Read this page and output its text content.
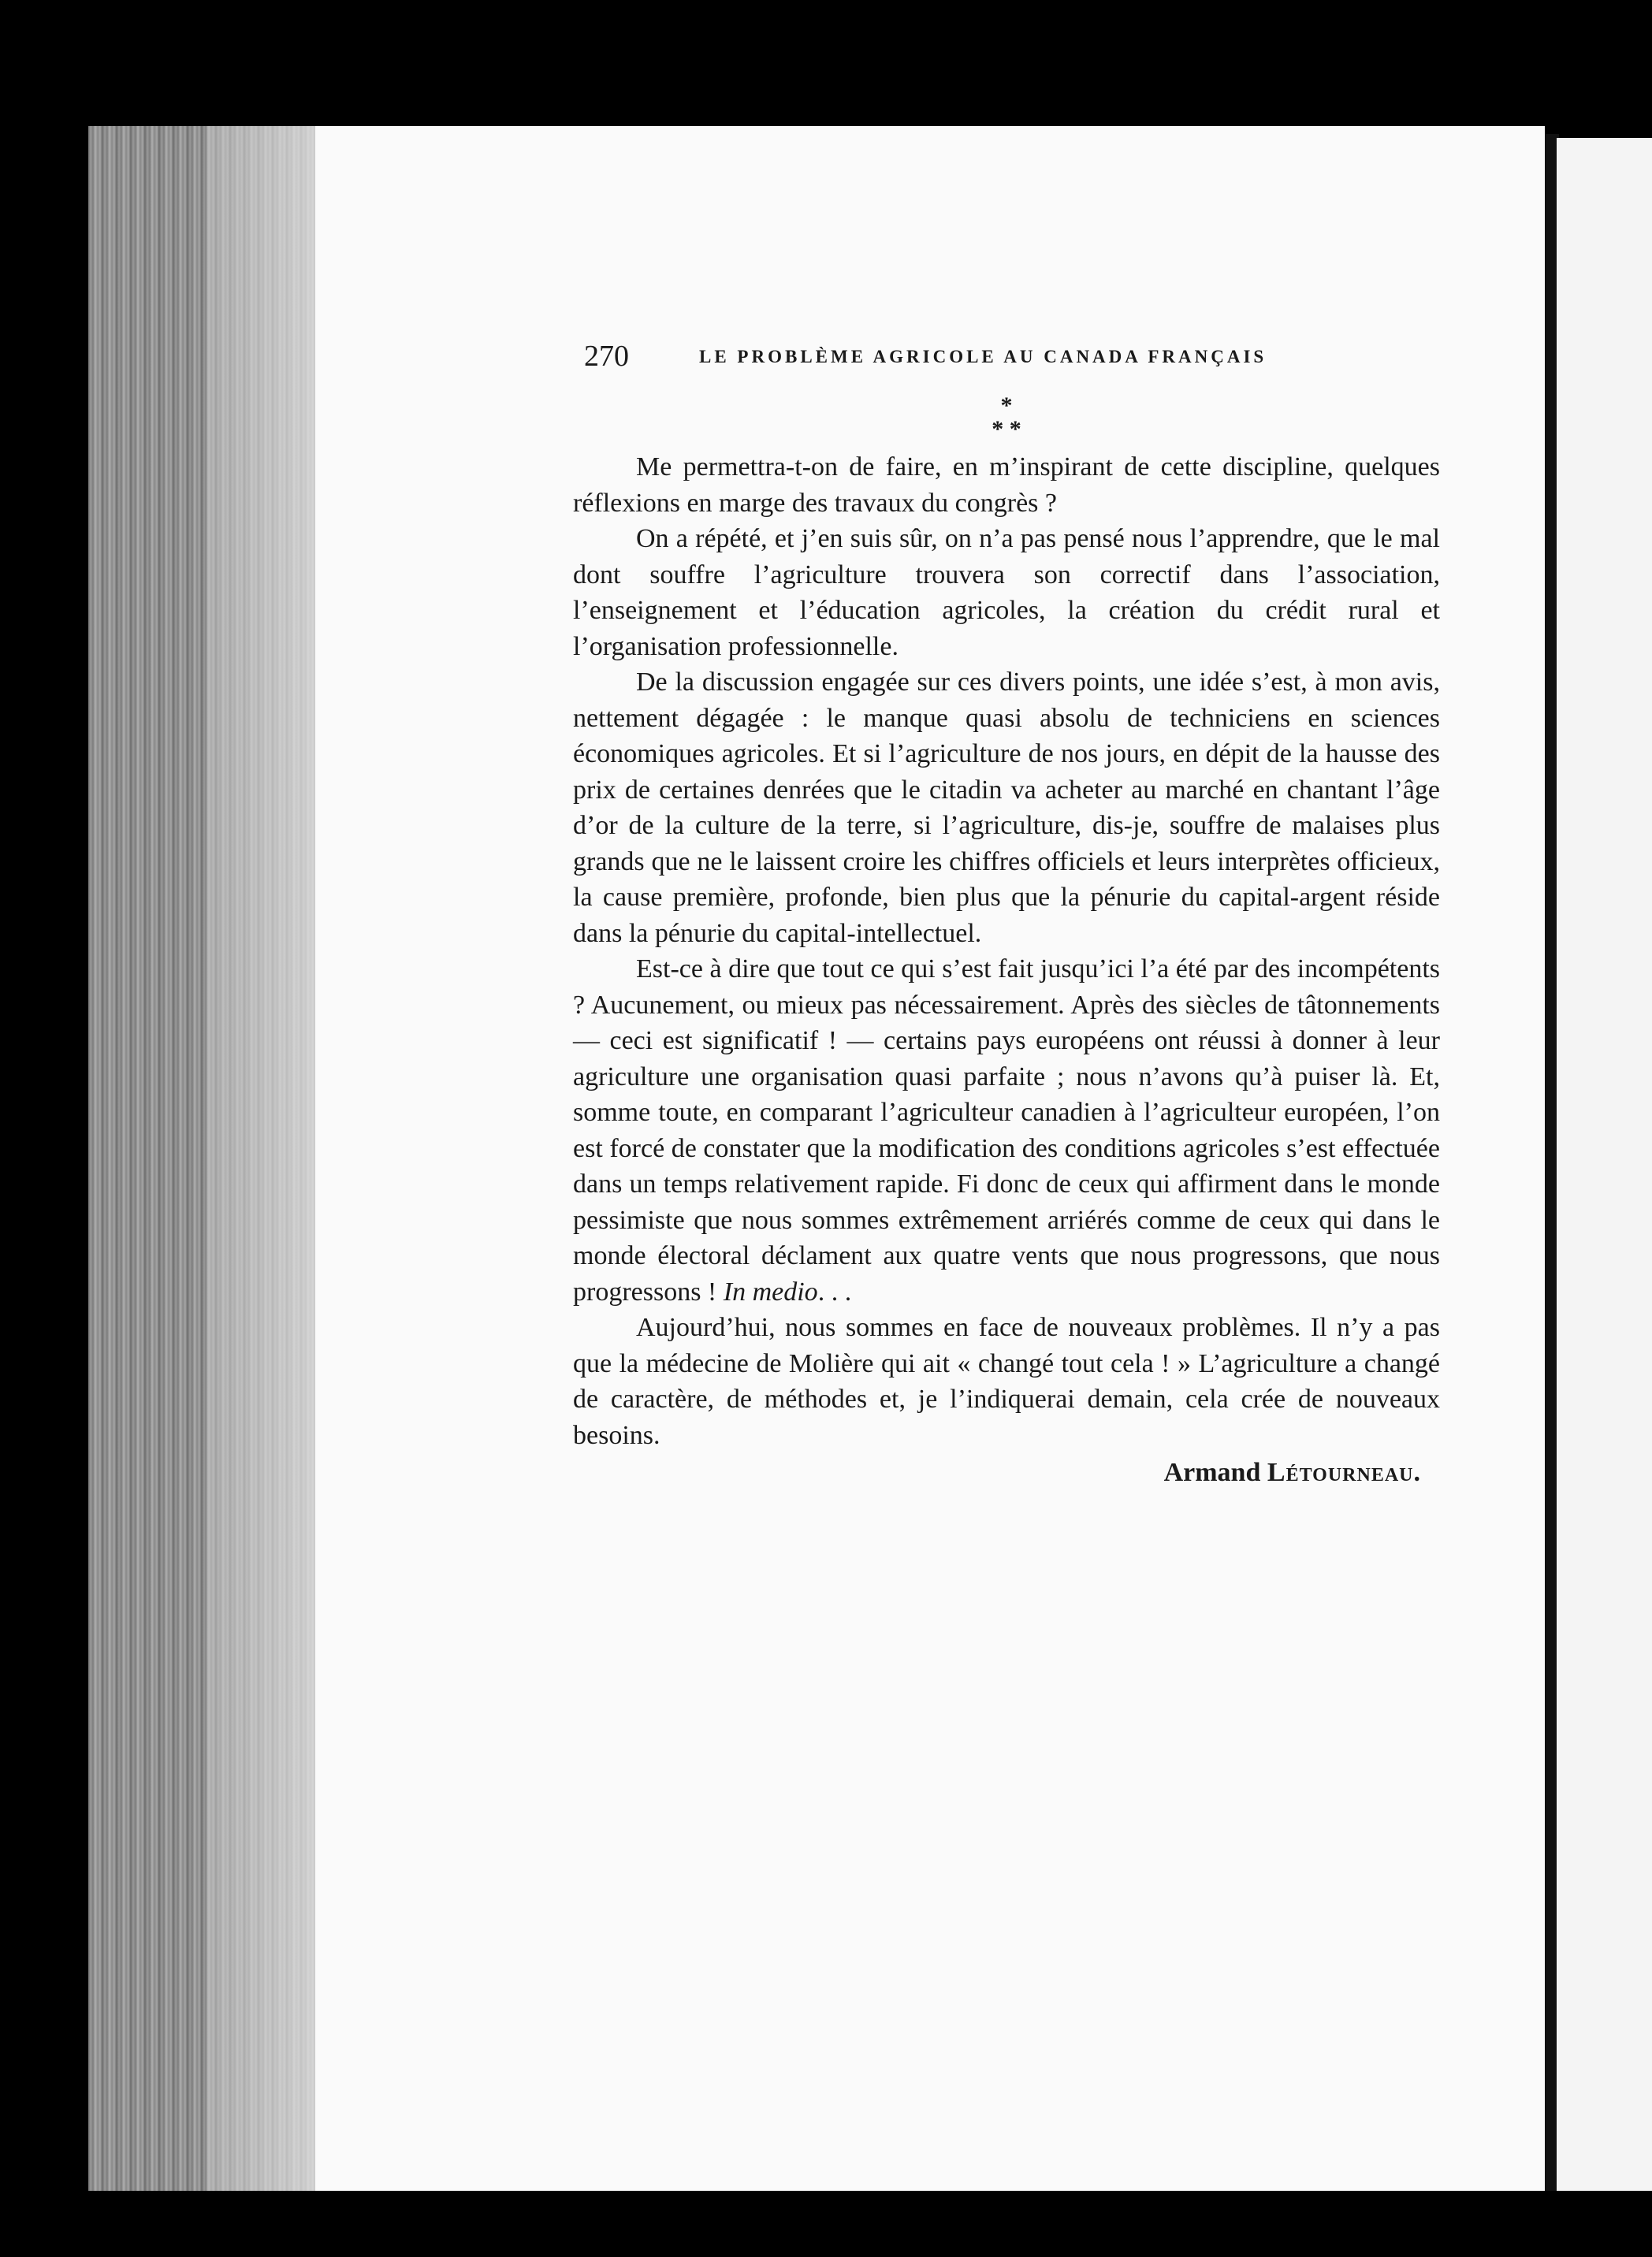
270	LE PROBLÈME AGRICOLE AU CANADA FRANÇAIS
*
* *

Me permettra-t-on de faire, en m’inspirant de cette discipline, quelques réflexions en marge des travaux du congrès ?

On a répété, et j’en suis sûr, on n’a pas pensé nous l’apprendre, que le mal dont souffre l’agriculture trouvera son correctif dans l’association, l’enseignement et l’éducation agricoles, la création du crédit rural et l’organisation professionnelle.

De la discussion engagée sur ces divers points, une idée s’est, à mon avis, nettement dégagée : le manque quasi absolu de techniciens en sciences économiques agricoles. Et si l’agriculture de nos jours, en dépit de la hausse des prix de certaines denrées que le citadin va acheter au marché en chantant l’âge d’or de la culture de la terre, si l’agriculture, dis-je, souffre de malaises plus grands que ne le laissent croire les chiffres officiels et leurs interprètes officieux, la cause première, profonde, bien plus que la pénurie du capital-argent réside dans la pénurie du capital-intellectuel.

Est-ce à dire que tout ce qui s’est fait jusqu’ici l’a été par des incompétents ? Aucunement, ou mieux pas nécessairement. Après des siècles de tâtonnements — ceci est significatif ! — certains pays européens ont réussi à donner à leur agriculture une organisation quasi parfaite ; nous n’avons qu’à puiser là. Et, somme toute, en comparant l’agriculteur canadien à l’agriculteur européen, l’on est forcé de constater que la modification des conditions agricoles s’est effectuée dans un temps relativement rapide. Fi donc de ceux qui affirment dans le monde pessimiste que nous sommes extrêmement arriérés comme de ceux qui dans le monde électoral déclament aux quatre vents que nous progressons, que nous progressons ! In medio. . .

Aujourd’hui, nous sommes en face de nouveaux problèmes. Il n’y a pas que la médecine de Molière qui ait « changé tout cela ! » L’agriculture a changé de caractère, de méthodes et, je l’indiquerai demain, cela crée de nouveaux besoins.

Armand Létourneau.
